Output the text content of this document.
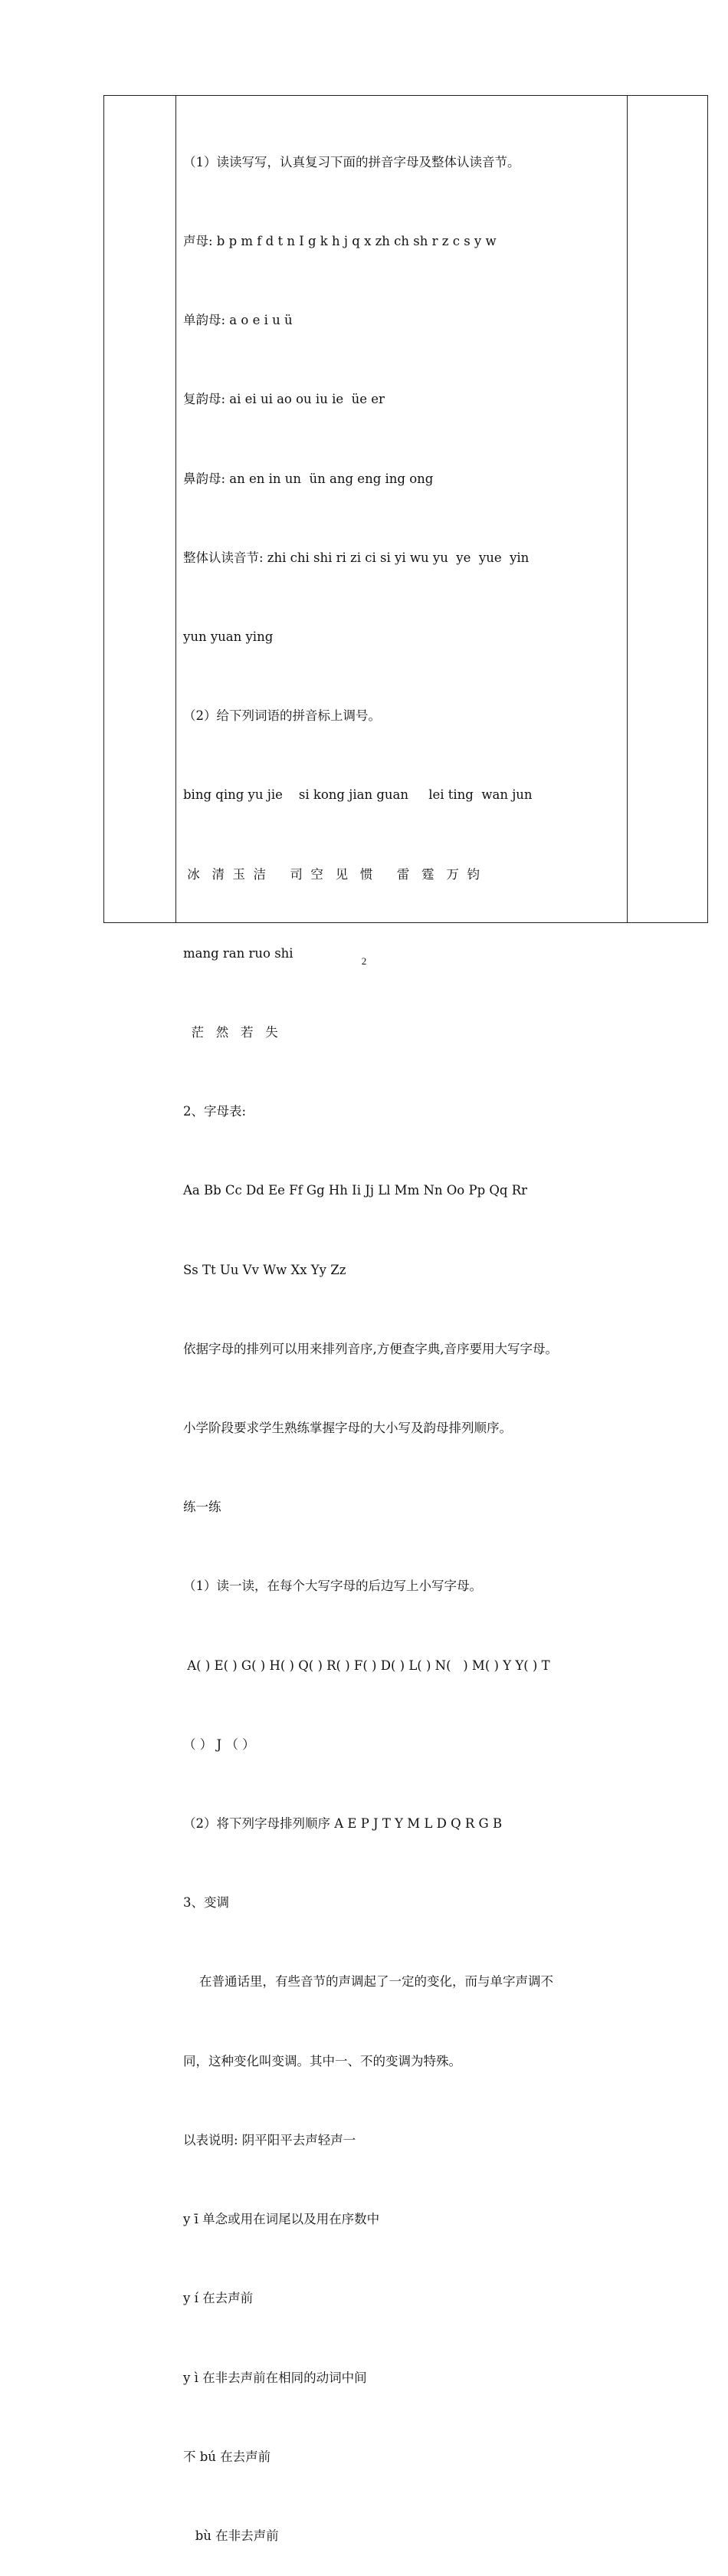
（1）读读写写，认真复习下面的拼音字母及整体认读音节。

声母: b p m f d t n I g k h j q x zh ch sh r z c s y w

单韵母: a o e i u ü

复韵母: ai ei ui ao ou iu ie  üe er

鼻韵母: an en in un  ün ang eng ing ong

整体认读音节: zhi chi shi ri zi ci si yi wu yu  ye  yue  yin

yun yuan ying

（2）给下列词语的拼音标上调号。

bing qing yu jie    si kong jian guan     lei ting  wan jun

冰   清  玉  洁      司  空   见   惯      雷   霆   万  钧

mang ran ruo shi

茫   然   若   失

2、字母表:

Aa Bb Cc Dd Ee Ff Gg Hh Ii Jj Ll Mm Nn Oo Pp Qq Rr

Ss Tt Uu Vv Ww Xx Yy Zz

依据字母的排列可以用来排列音序,方便查字典,音序要用大写字母。

小学阶段要求学生熟练掌握字母的大小写及韵母排列顺序。

练一练

（1）读一读，在每个大写字母的后边写上小写字母。

A( ) E( ) G( ) H( ) Q( ) R( ) F( ) D( ) L( ) N(   ) M( ) Y Y( ) T

（ ） J （ ）

（2）将下列字母排列顺序 A E P J T Y M L D Q R G B

3、变调

在普通话里，有些音节的声调起了一定的变化，而与单字声调不

同，这种变化叫变调。其中一、不的变调为特殊。

以表说明: 阴平阳平去声轻声一

y ī 单念或用在词尾以及用在序数中

y í 在去声前

y ì 在非去声前在相同的动词中间

不 bú 在去声前

bù 在非去声前

2
